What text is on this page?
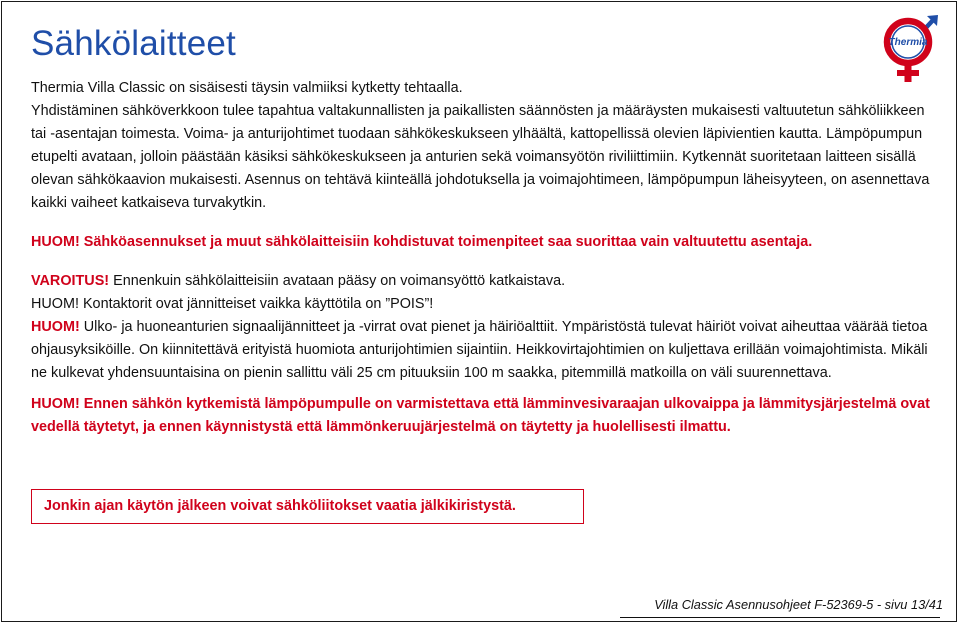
Sähkölaitteet	Thermia

Thermia Villa Classic on sisäisesti täysin valmiiksi kytketty tehtaalla.

Yhdistäminen sähköverkkoon tulee tapahtua valtakunnallisten ja paikallisten säännösten ja määräysten mukaisesti valtuutetun sähköliikkeen tai -asentajan toimesta. Voima- ja anturijohtimet tuodaan sähkökeskukseen ylhäältä, kattopellissä olevien läpivientien kautta. Lämpöpumpun etupelti avataan, jolloin päästään käsiksi sähkökeskukseen ja anturien sekä voimansyötön riviliittimiin. Kytkennät suoritetaan laitteen sisällä olevan sähkökaavion mukaisesti. Asennus on tehtävä kiinteällä johdotuksella ja voimajohtimeen, lämpöpumpun läheisyyteen, on asennettava kaikki vaiheet katkaiseva turvakytkin.

HUOM! Sähköasennukset ja muut sähkölaitteisiin kohdistuvat toimenpiteet saa suorittaa vain valtuutettu asentaja.

VAROITUS! Ennenkuin sähkölaitteisiin avataan pääsy on voimansyöttö katkaistava.

HUOM! Kontaktorit ovat jännitteiset vaikka käyttötila on ”POIS”!

HUOM! Ulko- ja huoneanturien signaalijännitteet ja -virrat ovat pienet ja häiriöalttiit. Ympäristöstä tulevat häiriöt voivat aiheuttaa väärää tietoa ohjausyksiköille. On kiinnitettävä erityistä huomiota anturijohtimien sijaintiin. Heikkovirtajohtimien on kuljettava erillään voimajohtimista. Mikäli ne kulkevat yhdensuuntaisina on pienin sallittu väli 25 cm pituuksiin 100 m saakka, pitemmillä matkoilla on väli suurennettava.

HUOM! Ennen sähkön kytkemistä lämpöpumpulle on varmistettava että lämminvesivaraajan ulkovaippa ja lämmitysjärjestelmä ovat vedellä täytetyt, ja ennen käynnistystä että lämmönkeruujärjestelmä on täytetty ja huolellisesti ilmattu.

Jonkin ajan käytön jälkeen voivat sähköliitokset vaatia jälkikiristystä.
Villa Classic Asennusohjeet F-52369-5 - sivu 13/41
